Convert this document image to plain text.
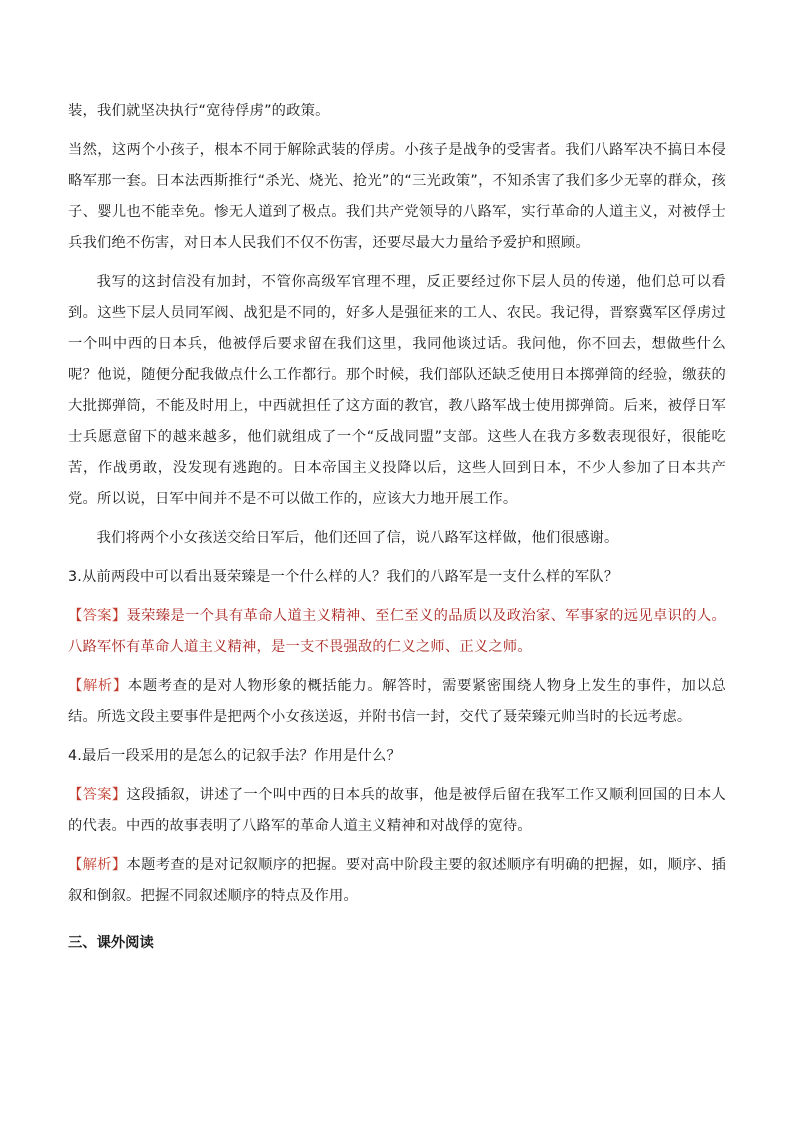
装，我们就坚决执行“宽待俘虏”的政策。

当然，这两个小孩子，根本不同于解除武装的俘虏。小孩子是战争的受害者。我们八路军决不搞日本侵略军那一套。日本法西斯推行“杀光、烧光、抢光”的“三光政策”，不知杀害了我们多少无辜的群众，孩子、婴儿也不能幸免。惨无人道到了极点。我们共产党领导的八路军，实行革命的人道主义，对被俘士兵我们绝不伤害，对日本人民我们不仅不伤害，还要尽最大力量给予爱护和照顾。

我写的这封信没有加封，不管你高级军官理不理，反正要经过你下层人员的传递，他们总可以看到。这些下层人员同军阀、战犯是不同的，好多人是强征来的工人、农民。我记得，晋察冀军区俘虏过一个叫中西的日本兵，他被俘后要求留在我们这里，我同他谈过话。我问他，你不回去，想做些什么呢？他说，随便分配我做点什么工作都行。那个时候，我们部队还缺乏使用日本掷弹筒的经验，缴获的大批掷弹筒，不能及时用上，中西就担任了这方面的教官，教八路军战士使用掷弹筒。后来，被俘日军士兵愿意留下的越来越多，他们就组成了一个“反战同盟”支部。这些人在我方多数表现很好，很能吃苦，作战勇敢，没发现有逃跑的。日本帝国主义投降以后，这些人回到日本，不少人参加了日本共产党。所以说，日军中间并不是不可以做工作的，应该大力地开展工作。

我们将两个小女孩送交给日军后，他们还回了信，说八路军这样做，他们很感谢。

3.从前两段中可以看出聂荣臻是一个什么样的人？我们的八路军是一支什么样的军队？

【答案】聂荣臻是一个具有革命人道主义精神、至仁至义的品质以及政治家、军事家的远见卓识的人。八路军怀有革命人道主义精神，是一支不畏强敌的仁义之师、正义之师。

【解析】本题考查的是对人物形象的概括能力。解答时，需要紧密围绕人物身上发生的事件，加以总结。所选文段主要事件是把两个小女孩送返，并附书信一封，交代了聂荣臻元帅当时的长远考虑。

4.最后一段采用的是怎么的记叙手法？作用是什么？

【答案】这段插叙，讲述了一个叫中西的日本兵的故事，他是被俘后留在我军工作又顺利回国的日本人的代表。中西的故事表明了八路军的革命人道主义精神和对战俘的宽待。

【解析】本题考查的是对记叙顺序的把握。要对高中阶段主要的叙述顺序有明确的把握，如，顺序、插叙和倒叙。把握不同叙述顺序的特点及作用。

三、课外阅读
